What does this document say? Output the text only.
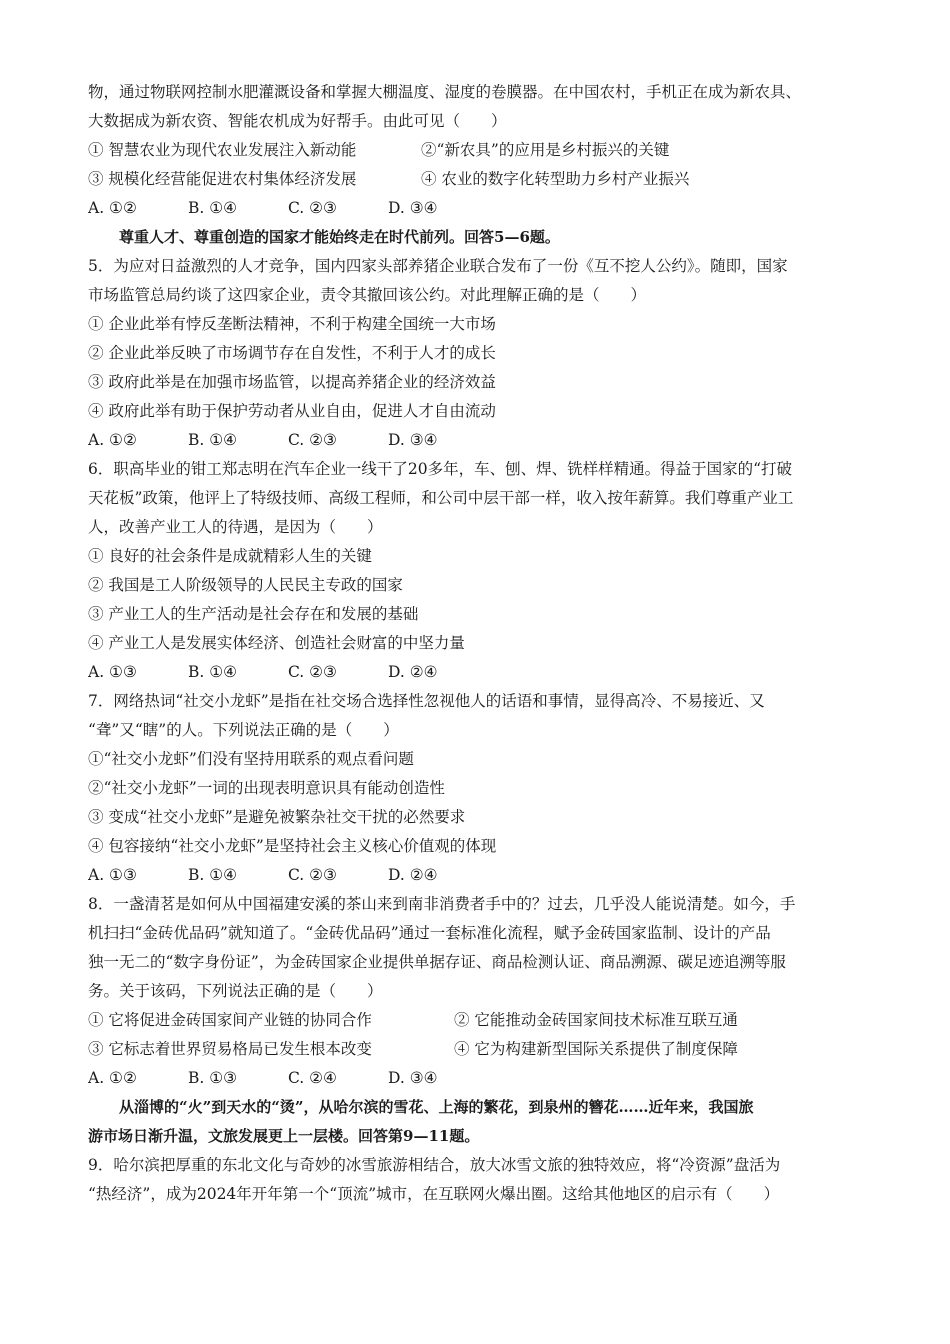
物，通过物联网控制水肥灌溉设备和掌握大棚温度、湿度的卷膜器。在中国农村，手机正在成为新农具、
大数据成为新农资、智能农机成为好帮手。由此可见（　　）
① 智慧农业为现代农业发展注入新动能	②“新农具”的应用是乡村振兴的关键
③ 规模化经营能促进农村集体经济发展	④ 农业的数字化转型助力乡村产业振兴
A. ①②	B. ①④	C. ②③	D. ③④
尊重人才、尊重创造的国家才能始终走在时代前列。回答5—6题。
5．为应对日益激烈的人才竞争，国内四家头部养猪企业联合发布了一份《互不挖人公约》。随即，国家
市场监管总局约谈了这四家企业，责令其撤回该公约。对此理解正确的是（　　）
① 企业此举有悖反垄断法精神，不利于构建全国统一大市场
② 企业此举反映了市场调节存在自发性，不利于人才的成长
③ 政府此举是在加强市场监管，以提高养猪企业的经济效益
④ 政府此举有助于保护劳动者从业自由，促进人才自由流动
A. ①②	B. ①④	C. ②③	D. ③④
6．职高毕业的钳工郑志明在汽车企业一线干了20多年，车、刨、焊、铣样样精通。得益于国家的“打破
天花板”政策，他评上了特级技师、高级工程师，和公司中层干部一样，收入按年薪算。我们尊重产业工
人，改善产业工人的待遇，是因为（　　）
① 良好的社会条件是成就精彩人生的关键
② 我国是工人阶级领导的人民民主专政的国家
③ 产业工人的生产活动是社会存在和发展的基础
④ 产业工人是发展实体经济、创造社会财富的中坚力量
A. ①③	B. ①④	C. ②③	D. ②④
7．网络热词“社交小龙虾”是指在社交场合选择性忽视他人的话语和事情，显得高冷、不易接近、又
“聋”又“瞎”的人。下列说法正确的是（　　）
①“社交小龙虾”们没有坚持用联系的观点看问题
②“社交小龙虾”一词的出现表明意识具有能动创造性
③ 变成“社交小龙虾”是避免被繁杂社交干扰的必然要求
④ 包容接纳“社交小龙虾”是坚持社会主义核心价值观的体现
A. ①③	B. ①④	C. ②③	D. ②④
8．一盏清茗是如何从中国福建安溪的茶山来到南非消费者手中的？过去，几乎没人能说清楚。如今，手
机扫扫“金砖优品码”就知道了。“金砖优品码”通过一套标准化流程，赋予金砖国家监制、设计的产品
独一无二的“数字身份证”，为金砖国家企业提供单据存证、商品检测认证、商品溯源、碳足迹追溯等服
务。关于该码，下列说法正确的是（　　）
① 它将促进金砖国家间产业链的协同合作	② 它能推动金砖国家间技术标准互联互通
③ 它标志着世界贸易格局已发生根本改变	④ 它为构建新型国际关系提供了制度保障
A. ①②	B. ①③	C. ②④	D. ③④
从淄博的“火”到天水的“烫”，从哈尔滨的雪花、上海的繁花，到泉州的簪花……近年来，我国旅
游市场日渐升温，文旅发展更上一层楼。回答第9—11题。
9．哈尔滨把厚重的东北文化与奇妙的冰雪旅游相结合，放大冰雪文旅的独特效应，将“冷资源”盘活为
“热经济”，成为2024年开年第一个“顶流”城市，在互联网火爆出圈。这给其他地区的启示有（　　）
